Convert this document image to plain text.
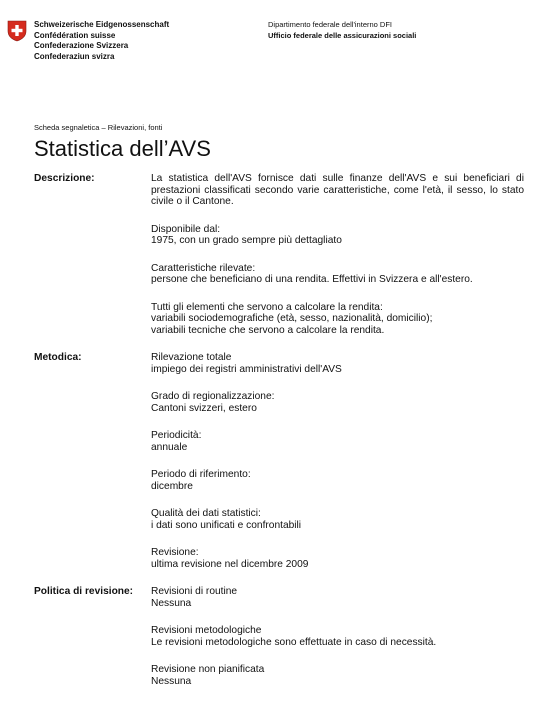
Schweizerische Eidgenossenschaft
Confédération suisse
Confederazione Svizzera
Confederaziun svizra
Dipartimento federale dell'interno DFI
Ufficio federale delle assicurazioni sociali
Scheda segnaletica – Rilevazioni, fonti
Statistica dell’AVS
Descrizione:	La statistica dell'AVS fornisce dati sulle finanze dell'AVS e sui beneficiari di prestazioni classificati secondo varie caratteristiche, come l'età, il sesso, lo stato civile o il Cantone.
Disponibile dal:
1975, con un grado sempre più dettagliato
Caratteristiche rilevate:
persone che beneficiano di una rendita. Effettivi in Svizzera e all'estero.
Tutti gli elementi che servono a calcolare la rendita:
variabili sociodemografiche (età, sesso, nazionalità, domicilio);
variabili tecniche che servono a calcolare la rendita.
Metodica:	Rilevazione totale
impiego dei registri amministrativi dell'AVS
Grado di regionalizzazione:
Cantoni svizzeri, estero
Periodicità:
annuale
Periodo di riferimento:
dicembre
Qualità dei dati statistici:
i dati sono unificati e confrontabili
Revisione:
ultima revisione nel dicembre 2009
Politica di revisione:	Revisioni di routine
Nessuna
Revisioni metodologiche
Le revisioni metodologiche sono effettuate in caso di necessità.
Revisione non pianificata
Nessuna
